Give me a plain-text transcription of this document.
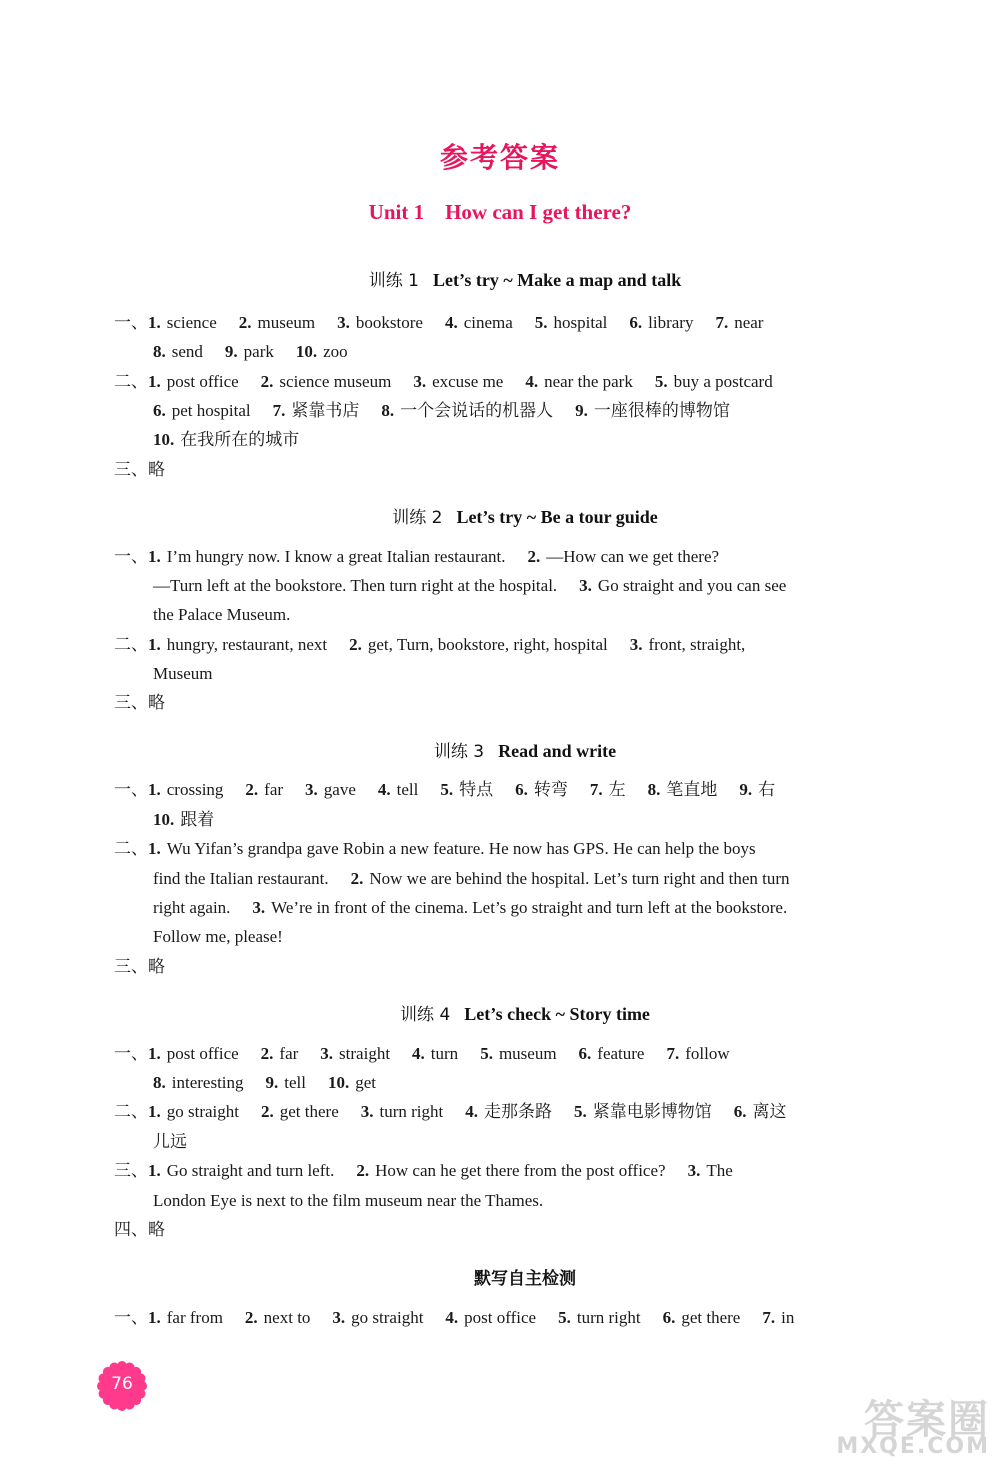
参考答案
Unit 1    How can I get there?
训练 1 Let’s try ~ Make a map and talk
一、1. science 2. museum 3. bookstore 4. cinema 5. hospital 6. library 7. near
8. send 9. park 10. zoo
二、1. post office 2. science museum 3. excuse me 4. near the park 5. buy a postcard
6. pet hospital 7. 紧靠书店 8. 一个会说话的机器人 9. 一座很棒的博物馆
10. 在我所在的城市
三、略
训练 2 Let’s try ~ Be a tour guide
一、1. I’m hungry now. I know a great Italian restaurant. 2. —How can we get there?
—Turn left at the bookstore. Then turn right at the hospital. 3. Go straight and you can see
the Palace Museum.
二、1. hungry, restaurant, next 2. get, Turn, bookstore, right, hospital 3. front, straight,
Museum
三、略
训练 3 Read and write
一、1. crossing 2. far 3. gave 4. tell 5. 特点 6. 转弯 7. 左 8. 笔直地 9. 右
10. 跟着
二、1. Wu Yifan’s grandpa gave Robin a new feature. He now has GPS. He can help the boys
find the Italian restaurant. 2. Now we are behind the hospital. Let’s turn right and then turn
right again. 3. We’re in front of the cinema. Let’s go straight and turn left at the bookstore.
Follow me, please!
三、略
训练 4 Let’s check ~ Story time
一、1. post office 2. far 3. straight 4. turn 5. museum 6. feature 7. follow
8. interesting 9. tell 10. get
二、1. go straight 2. get there 3. turn right 4. 走那条路 5. 紧靠电影博物馆 6. 离这
儿远
三、1. Go straight and turn left. 2. How can he get there from the post office? 3. The
London Eye is next to the film museum near the Thames.
四、略
默写自主检测
一、1. far from 2. next to 3. go straight 4. post office 5. turn right 6. get there 7. in
76
答案圈
MXQE.COM
